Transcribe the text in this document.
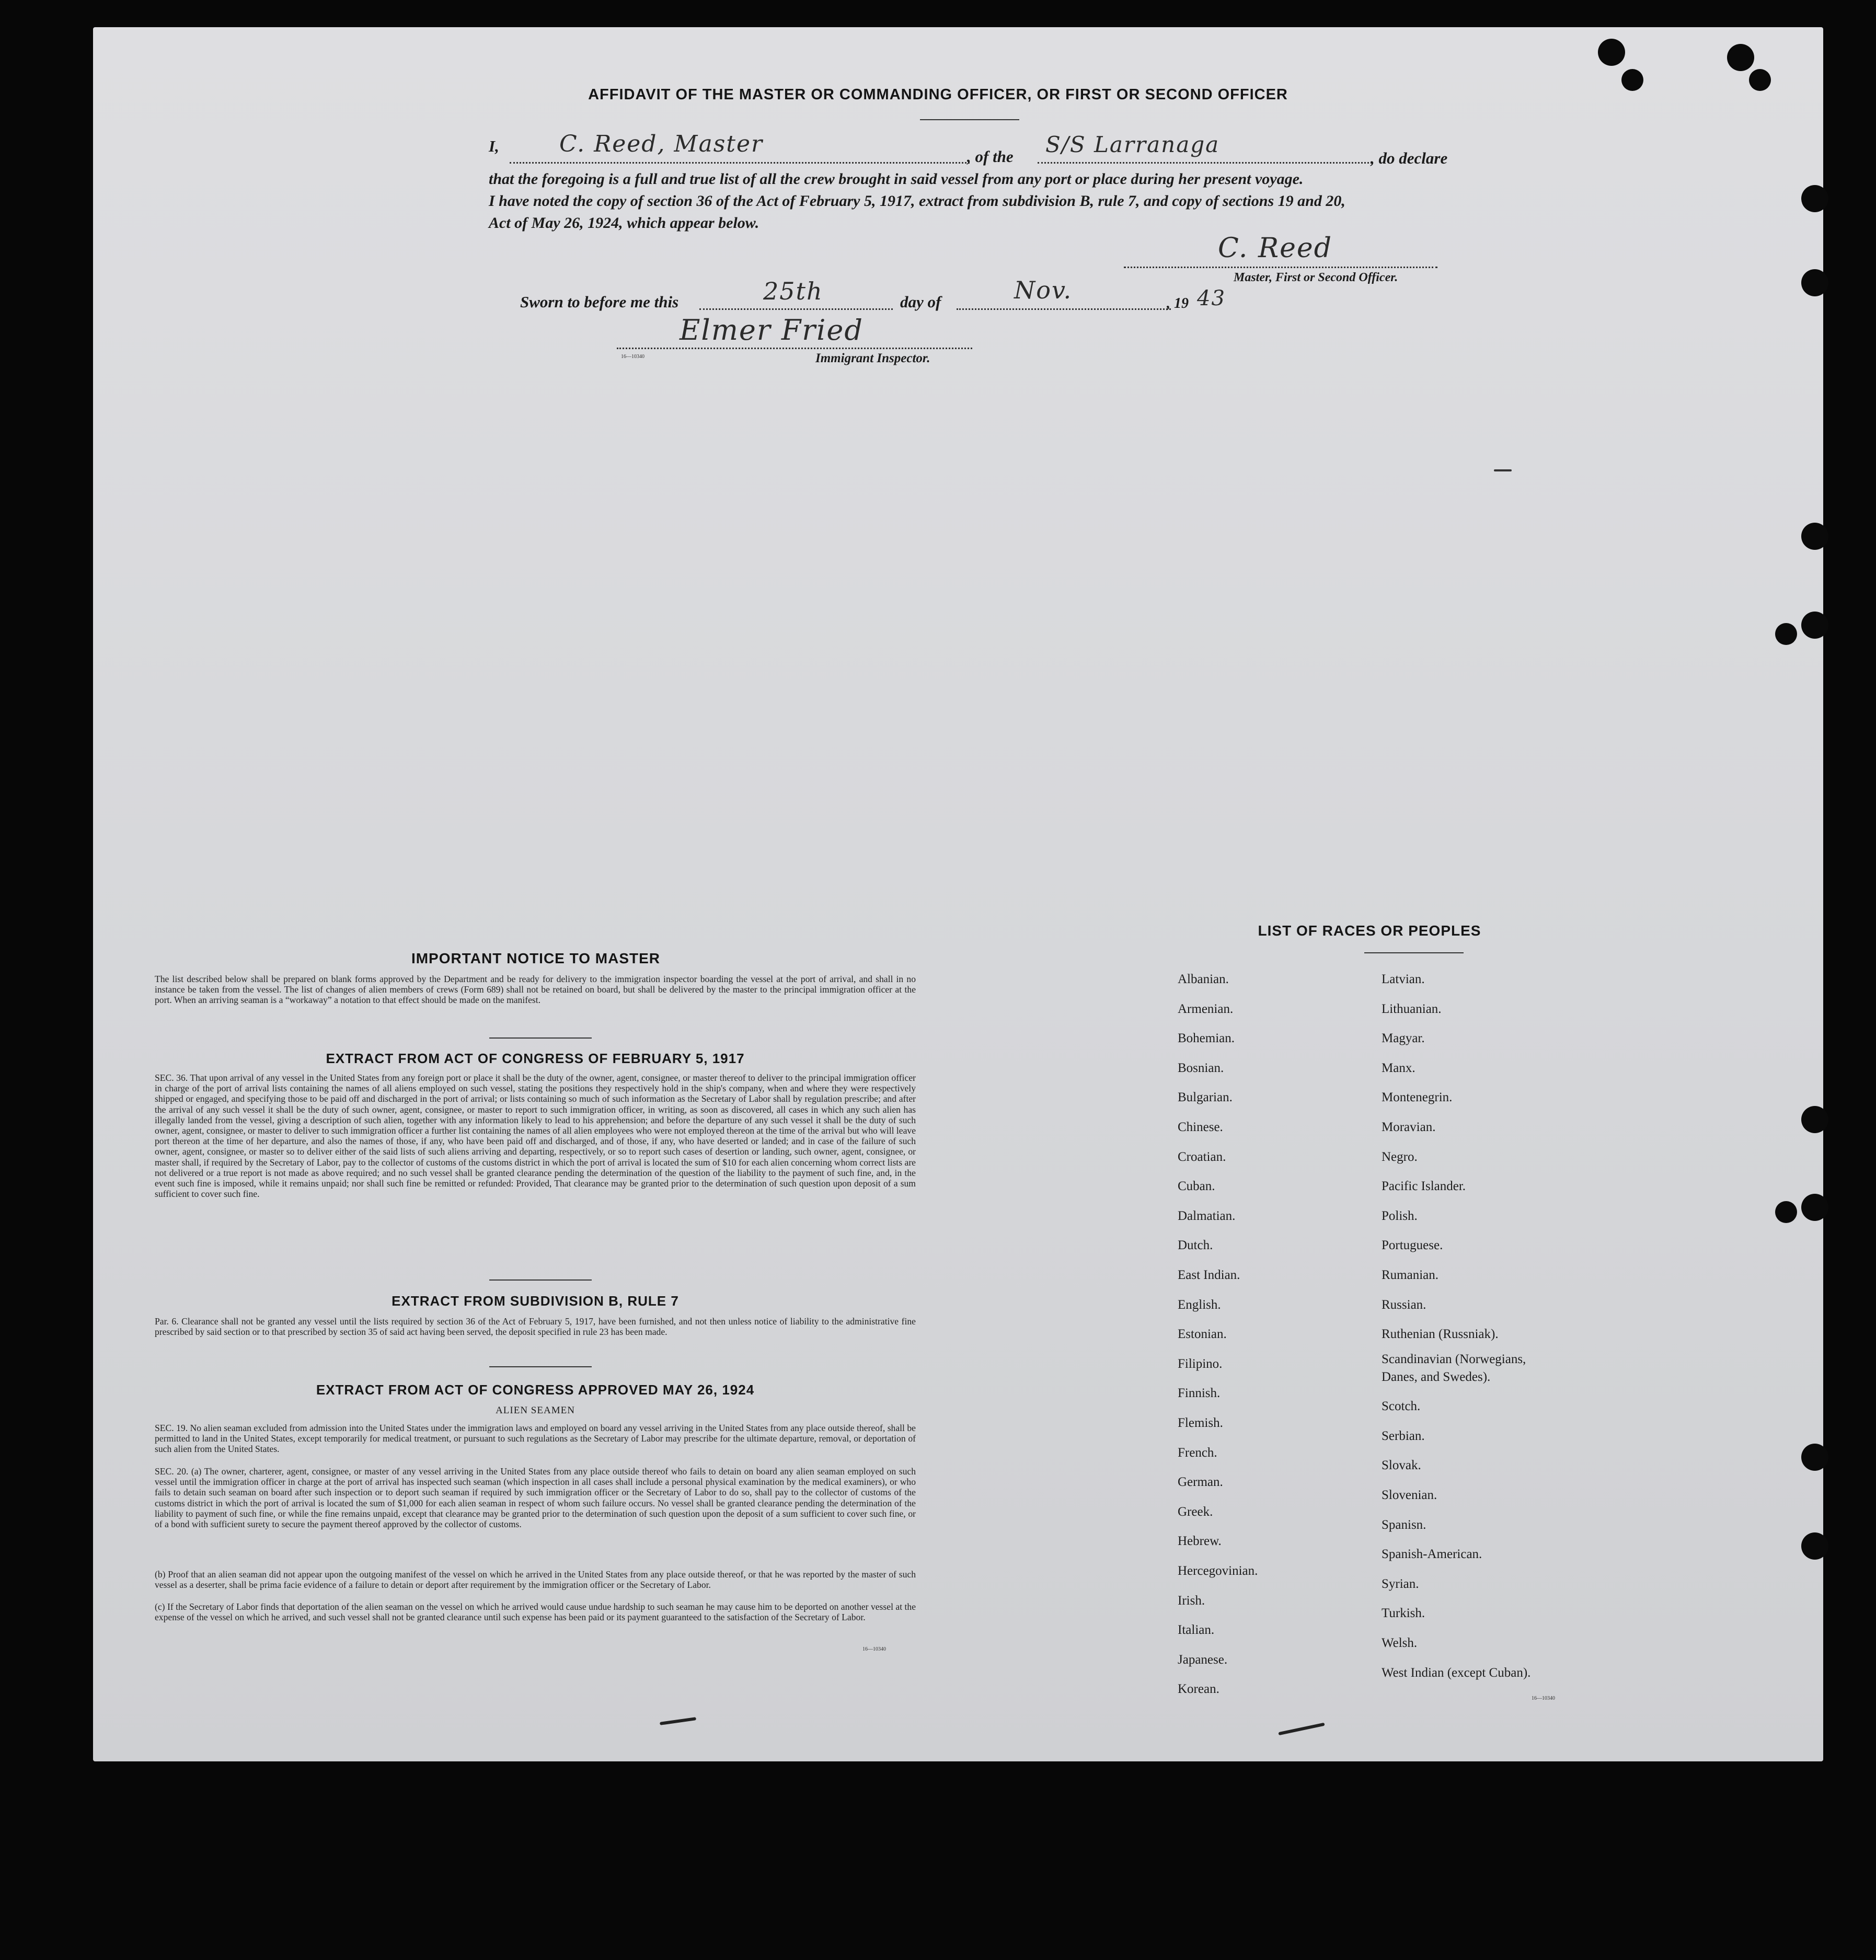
AFFIDAVIT OF THE MASTER OR COMMANDING OFFICER, OR FIRST OR SECOND OFFICER
I,	C. Reed, Master	, of the S/S Larranaga
, do declare
that the foregoing is a full and true list of all the crew brought in said vessel from any port or place during her present voyage.
I have noted the copy of section 36 of the Act of February 5, 1917, extract from subdivision B, rule 7, and copy of sections 19 and 20,
Act of May 26, 1924, which appear below.
C. Reed
Master, First or Second Officer.
Sworn to before me this	25th	day of	Nov.	, 19 43
Elmer Fried
16—10340	Immigrant Inspector.
IMPORTANT NOTICE TO MASTER
The list described below shall be prepared on blank forms approved by the Department and be ready for delivery to the immigration inspector boarding the vessel at the port of arrival, and shall in no instance be taken from the vessel. The list of changes of alien members of crews (Form 689) shall not be retained on board, but shall be delivered by the master to the principal immigration officer at the port. When an arriving seaman is a “workaway” a notation to that effect should be made on the manifest.
EXTRACT FROM ACT OF CONGRESS OF FEBRUARY 5, 1917
SEC. 36. That upon arrival of any vessel in the United States from any foreign port or place it shall be the duty of the owner, agent, consignee, or master thereof to deliver to the principal immigration officer in charge of the port of arrival lists containing the names of all aliens employed on such vessel, stating the positions they respectively hold in the ship's company, when and where they were respectively shipped or engaged, and specifying those to be paid off and discharged in the port of arrival; or lists containing so much of such information as the Secretary of Labor shall by regulation prescribe; and after the arrival of any such vessel it shall be the duty of such owner, agent, consignee, or master to report to such immigration officer, in writing, as soon as discovered, all cases in which any such alien has illegally landed from the vessel, giving a description of such alien, together with any information likely to lead to his apprehension; and before the departure of any such vessel it shall be the duty of such owner, agent, consignee, or master to deliver to such immigration officer a further list containing the names of all alien employees who were not employed thereon at the time of the arrival but who will leave port thereon at the time of her departure, and also the names of those, if any, who have been paid off and discharged, and of those, if any, who have deserted or landed; and in case of the failure of such owner, agent, consignee, or master so to deliver either of the said lists of such aliens arriving and departing, respectively, or so to report such cases of desertion or landing, such owner, agent, consignee, or master shall, if required by the Secretary of Labor, pay to the collector of customs of the customs district in which the port of arrival is located the sum of $10 for each alien concerning whom correct lists are not delivered or a true report is not made as above required; and no such vessel shall be granted clearance pending the determination of the question of the liability to the payment of such fine, and, in the event such fine is imposed, while it remains unpaid; nor shall such fine be remitted or refunded: Provided, That clearance may be granted prior to the determination of such question upon deposit of a sum sufficient to cover such fine.
EXTRACT FROM SUBDIVISION B, RULE 7
Par. 6. Clearance shall not be granted any vessel until the lists required by section 36 of the Act of February 5, 1917, have been furnished, and not then unless notice of liability to the administrative fine prescribed by said section or to that prescribed by section 35 of said act having been served, the deposit specified in rule 23 has been made.
EXTRACT FROM ACT OF CONGRESS APPROVED MAY 26, 1924
ALIEN SEAMEN
SEC. 19. No alien seaman excluded from admission into the United States under the immigration laws and employed on board any vessel arriving in the United States from any place outside thereof, shall be permitted to land in the United States, except temporarily for medical treatment, or pursuant to such regulations as the Secretary of Labor may prescribe for the ultimate departure, removal, or deportation of such alien from the United States.
SEC. 20. (a) The owner, charterer, agent, consignee, or master of any vessel arriving in the United States from any place outside thereof who fails to detain on board any alien seaman employed on such vessel until the immigration officer in charge at the port of arrival has inspected such seaman (which inspection in all cases shall include a personal physical examination by the medical examiners), or who fails to detain such seaman on board after such inspection or to deport such seaman if required by such immigration officer or the Secretary of Labor to do so, shall pay to the collector of customs of the customs district in which the port of arrival is located the sum of $1,000 for each alien seaman in respect of whom such failure occurs. No vessel shall be granted clearance pending the determination of the liability to payment of such fine, or while the fine remains unpaid, except that clearance may be granted prior to the determination of such question upon the deposit of a sum sufficient to cover such fine, or of a bond with sufficient surety to secure the payment thereof approved by the collector of customs.
(b) Proof that an alien seaman did not appear upon the outgoing manifest of the vessel on which he arrived in the United States from any place outside thereof, or that he was reported by the master of such vessel as a deserter, shall be prima facie evidence of a failure to detain or deport after requirement by the immigration officer or the Secretary of Labor.
(c) If the Secretary of Labor finds that deportation of the alien seaman on the vessel on which he arrived would cause undue hardship to such seaman he may cause him to be deported on another vessel at the expense of the vessel on which he arrived, and such vessel shall not be granted clearance until such expense has been paid or its payment guaranteed to the satisfaction of the Secretary of Labor.
16—10340
LIST OF RACES OR PEOPLES
16—10340
Albanian.
Armenian.
Bohemian.
Bosnian.
Bulgarian.
Chinese.
Croatian.
Cuban.
Dalmatian.
Dutch.
East Indian.
English.
Estonian.
Filipino.
Finnish.
Flemish.
French.
German.
Greek.
Hebrew.
Hercegovinian.
Irish.
Italian.
Japanese.
Korean.
Latvian.
Lithuanian.
Magyar.
Manx.
Montenegrin.
Moravian.
Negro.
Pacific Islander.
Polish.
Portuguese.
Rumanian.
Russian.
Ruthenian (Russniak).
Scandinavian (Norwegians,
Danes, and Swedes).
Scotch.
Serbian.
Slovak.
Slovenian.
Spanisn.
Spanish-American.
Syrian.
Turkish.
Welsh.
West Indian (except Cuban).
